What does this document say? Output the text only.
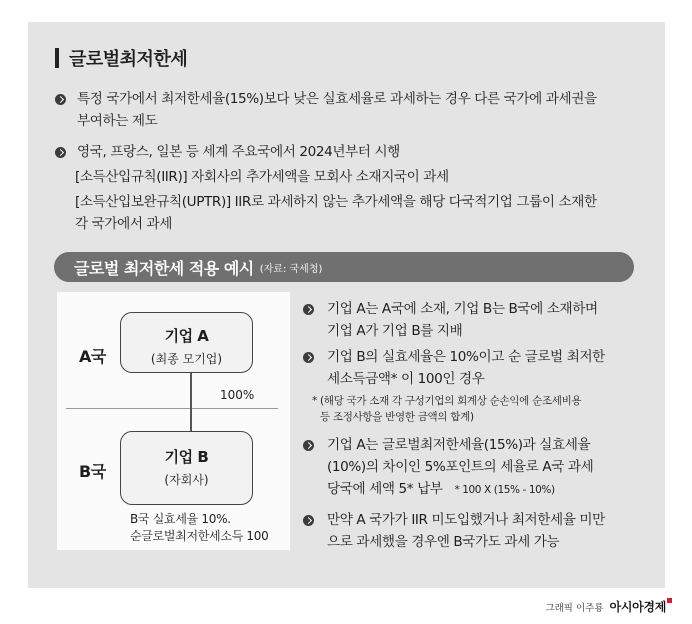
글로벌최저한세
특정 국가에서 최저한세율(15%)보다 낮은 실효세율로 과세하는 경우 다른 국가에 과세권을
부여하는 제도
영국, 프랑스, 일본 등 세계 주요국에서 2024년부터 시행
[소득산입규칙(IIR)] 자회사의 추가세액을 모회사 소재지국이 과세
[소득산입보완규칙(UPTR)] IIR로 과세하지 않는 추가세액을 해당 다국적기업 그룹이 소재한
각 국가에서 과세
글로벌 최저한세 적용 예시 (자료: 국세청)
A국
B국
기업 A
(최종 모기업)
100%
기업 B
(자회사)
B국 실효세율 10%.
순글로벌최저한세소득 100
기업 A는 A국에 소재, 기업 B는 B국에 소재하며
기업 A가 기업 B를 지배
기업 B의 실효세율은 10%이고 순 글로벌 최저한
세소득금액* 이 100인 경우
* (해당 국가 소재 각 구성기업의 회계상 순손익에 순조세비용
등 조정사항을 반영한 금액의 합계)
기업 A는 글로벌최저한세율(15%)과 실효세율
(10%)의 차이인 5%포인트의 세율로 A국 과세
당국에 세액 5* 납부 * 100 X (15% - 10%)
만약 A 국가가 IIR 미도입했거나 최저한세율 미만
으로 과세했을 경우엔 B국가도 과세 가능
그래픽 이주룡 아시아경제
